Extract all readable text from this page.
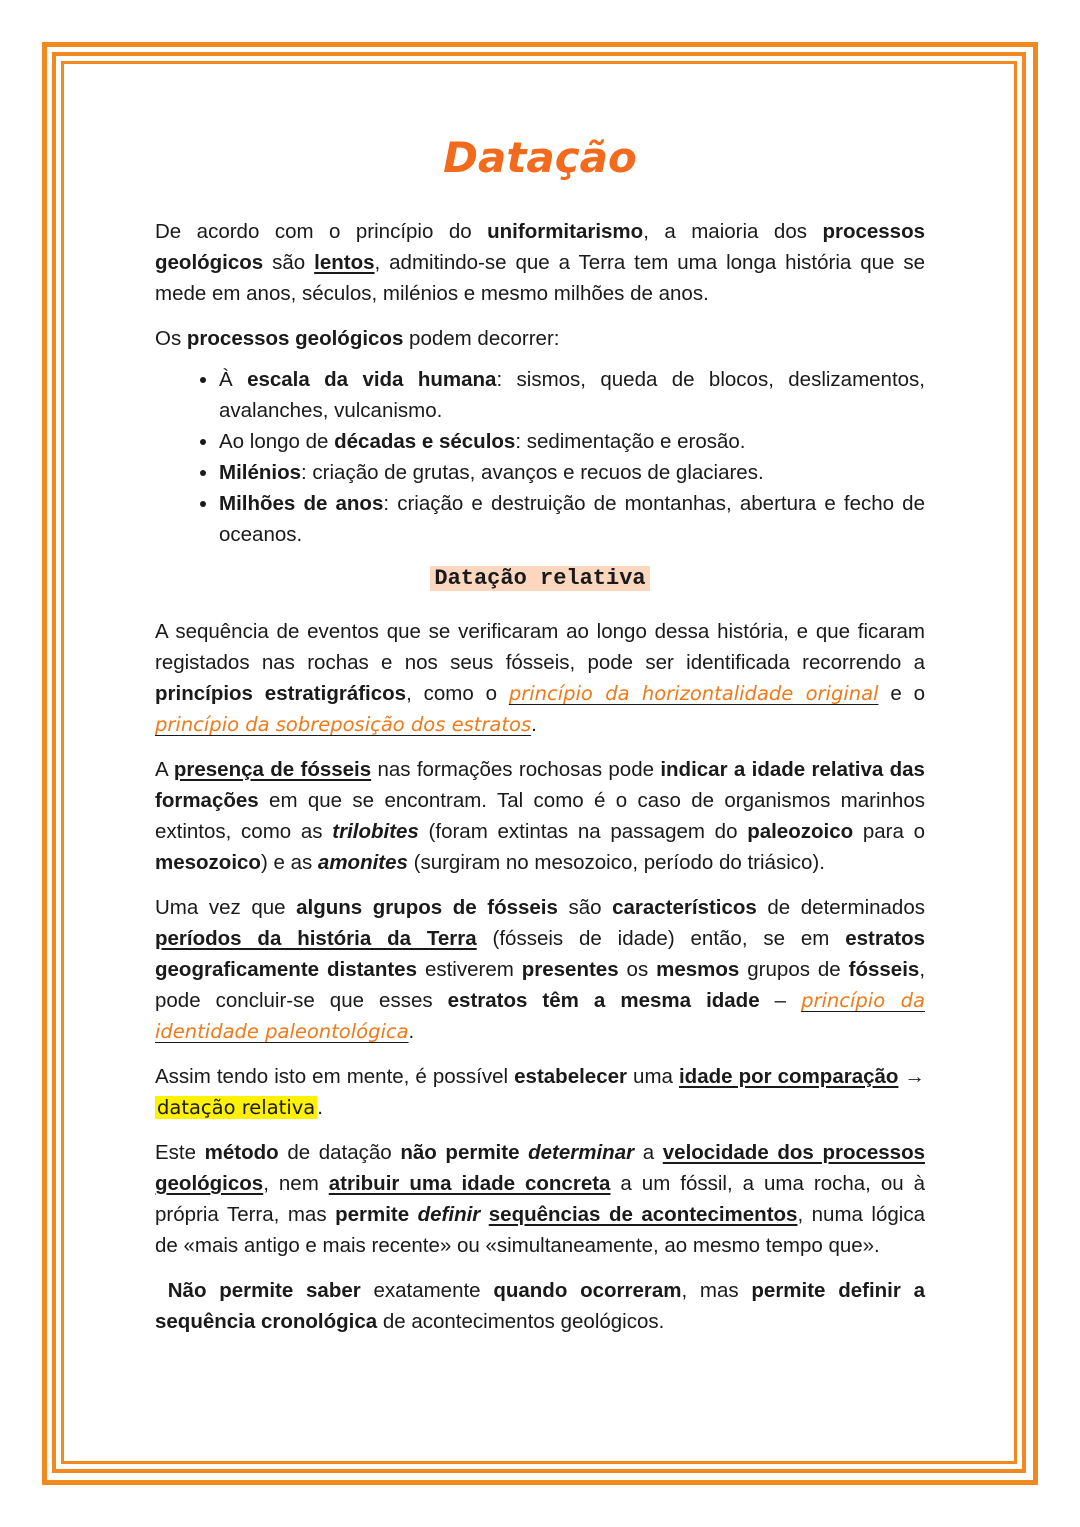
Datação

De acordo com o princípio do uniformitarismo, a maioria dos processos geológicos são lentos, admitindo-se que a Terra tem uma longa história que se mede em anos, séculos, milénios e mesmo milhões de anos.

Os processos geológicos podem decorrer:

• À escala da vida humana: sismos, queda de blocos, deslizamentos, avalanches, vulcanismo.
• Ao longo de décadas e séculos: sedimentação e erosão.
• Milénios: criação de grutas, avanços e recuos de glaciares.
• Milhões de anos: criação e destruição de montanhas, abertura e fecho de oceanos.
Datação relativa

A sequência de eventos que se verificaram ao longo dessa história, e que ficaram registados nas rochas e nos seus fósseis, pode ser identificada recorrendo a princípios estratigráficos, como o princípio da horizontalidade original e o princípio da sobreposição dos estratos.

A presença de fósseis nas formações rochosas pode indicar a idade relativa das formações em que se encontram. Tal como é o caso de organismos marinhos extintos, como as trilobites (foram extintas na passagem do paleozoico para o mesozoico) e as amonites (surgiram no mesozoico, período do triásico).

Uma vez que alguns grupos de fósseis são característicos de determinados períodos da história da Terra (fósseis de idade) então, se em estratos geograficamente distantes estiverem presentes os mesmos grupos de fósseis, pode concluir-se que esses estratos têm a mesma idade – princípio da identidade paleontológica.

Assim tendo isto em mente, é possível estabelecer uma idade por comparação → datação relativa.

Este método de datação não permite determinar a velocidade dos processos geológicos, nem atribuir uma idade concreta a um fóssil, a uma rocha, ou à própria Terra, mas permite definir sequências de acontecimentos, numa lógica de «mais antigo e mais recente» ou «simultaneamente, ao mesmo tempo que».

Não permite saber exatamente quando ocorreram, mas permite definir a sequência cronológica de acontecimentos geológicos.
